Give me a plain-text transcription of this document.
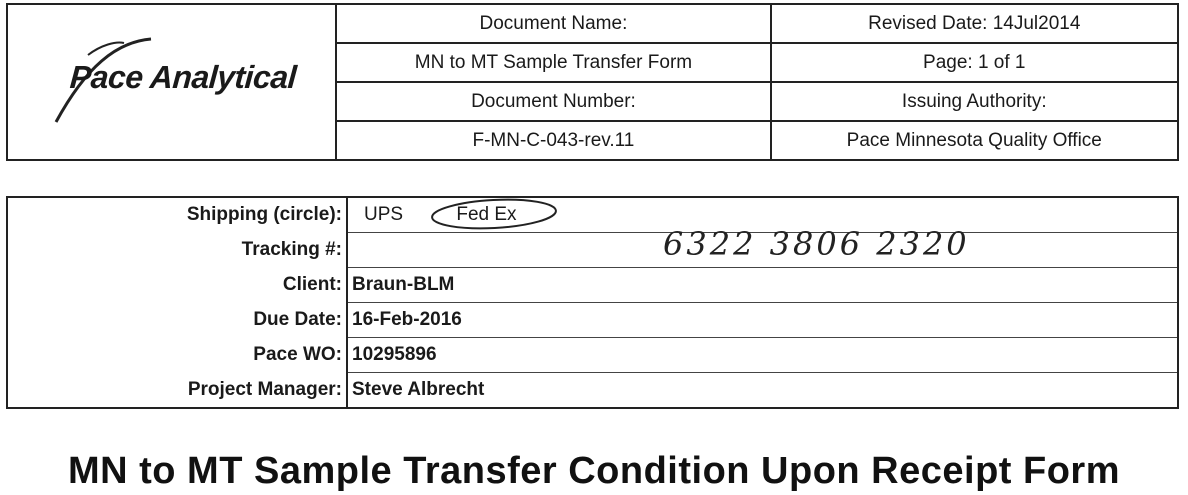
Pace Analytical	Document Name:	Revised Date: 14Jul2014
	MN to MT Sample Transfer Form	Page: 1 of 1
	Document Number:	Issuing Authority:
	F-MN-C-043-rev.11	Pace Minnesota Quality Office
Shipping (circle):	UPS Fed Ex
Tracking #:	6322 3806 2320

Client:	Braun-BLM
Due Date:	16-Feb-2016
Pace WO:	10295896
Project Manager:	Steve Albrecht
MN to MT Sample Transfer Condition Upon Receipt Form
